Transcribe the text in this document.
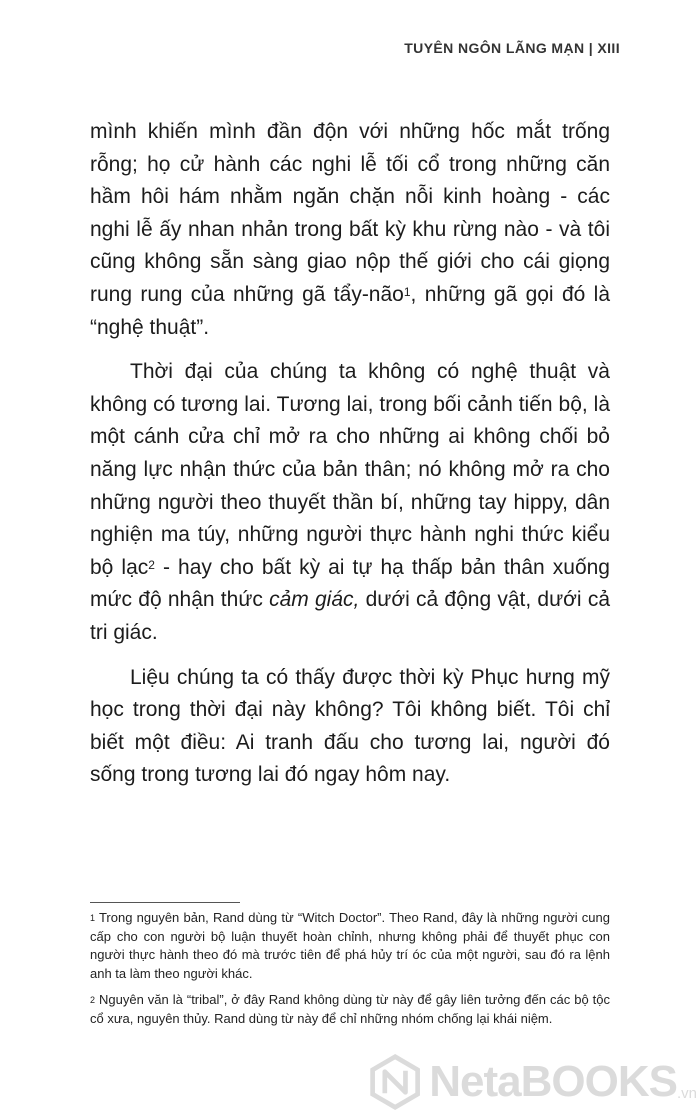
TUYÊN NGÔN LÃNG MẠN | XIII

mình khiến mình đần độn với những hốc mắt trống rỗng; họ cử hành các nghi lễ tối cổ trong những căn hầm hôi hám nhằm ngăn chặn nỗi kinh hoàng - các nghi lễ ấy nhan nhản trong bất kỳ khu rừng nào - và tôi cũng không sẵn sàng giao nộp thế giới cho cái giọng rung rung của những gã tẩy-não$^1$, những gã gọi đó là “nghệ thuật”.

Thời đại của chúng ta không có nghệ thuật và không có tương lai. Tương lai, trong bối cảnh tiến bộ, là một cánh cửa chỉ mở ra cho những ai không chối bỏ năng lực nhận thức của bản thân; nó không mở ra cho những người theo thuyết thần bí, những tay hippy, dân nghiện ma túy, những người thực hành nghi thức kiểu bộ lạc$^2$ - hay cho bất kỳ ai tự hạ thấp bản thân xuống mức độ nhận thức cảm giác, dưới cả động vật, dưới cả tri giác.

Liệu chúng ta có thấy được thời kỳ Phục hưng mỹ học trong thời đại này không? Tôi không biết. Tôi chỉ biết một điều: Ai tranh đấu cho tương lai, người đó sống trong tương lai đó ngay hôm nay.

$^1$ Trong nguyên bản, Rand dùng từ “Witch Doctor”. Theo Rand, đây là những người cung cấp cho con người bộ luận thuyết hoàn chỉnh, nhưng không phải để thuyết phục con người thực hành theo đó mà trước tiên để phá hủy trí óc của một người, sau đó ra lệnh anh ta làm theo người khác.

$^2$ Nguyên văn là “tribal”, ở đây Rand không dùng từ này để gây liên tưởng đến các bộ tộc cổ xưa, nguyên thủy. Rand dùng từ này để chỉ những nhóm chống lại khái niệm.

NetaBOOKS .vn
